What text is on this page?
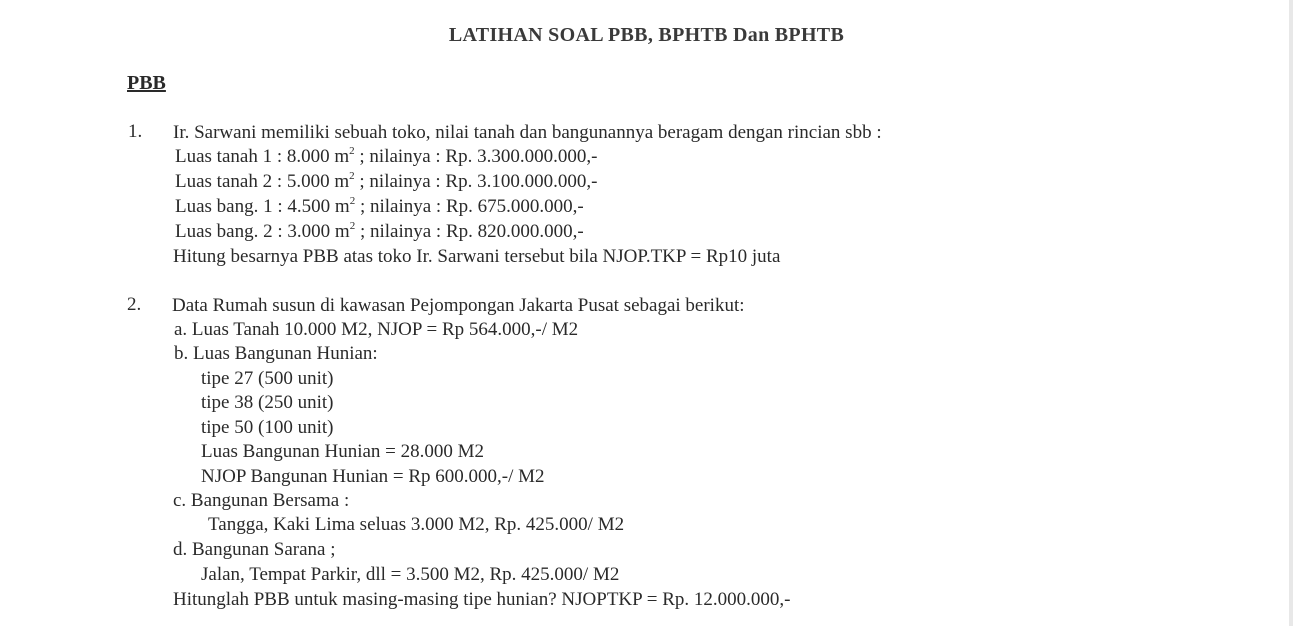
LATIHAN SOAL PBB, BPHTB Dan BPHTB
PBB
1. Ir. Sarwani memiliki sebuah toko, nilai tanah dan bangunannya beragam dengan rincian sbb :
Luas tanah 1 : 8.000 $m^2$ ; nilainya : Rp. 3.300.000.000,-
Luas tanah 2 : 5.000 $m^2$ ; nilainya : Rp. 3.100.000.000,-
Luas bang. 1 : 4.500 $m^2$ ; nilainya : Rp. 675.000.000,-
Luas bang. 2 : 3.000 $m^2$ ; nilainya : Rp. 820.000.000,-
Hitung besarnya PBB atas toko Ir. Sarwani tersebut bila NJOP.TKP = Rp10 juta
2. Data Rumah susun di kawasan Pejompongan Jakarta Pusat sebagai berikut:
a. Luas Tanah 10.000 M2, NJOP = Rp 564.000,-/ M2
b. Luas Bangunan Hunian:
tipe 27 (500 unit)
tipe 38 (250 unit)
tipe 50 (100 unit)
Luas Bangunan Hunian = 28.000 M2
NJOP Bangunan Hunian = Rp 600.000,-/ M2
c. Bangunan Bersama :
Tangga, Kaki Lima seluas 3.000 M2, Rp. 425.000/ M2
d. Bangunan Sarana ;
Jalan, Tempat Parkir, dll = 3.500 M2, Rp. 425.000/ M2
Hitunglah PBB untuk masing-masing tipe hunian? NJOPTKP = Rp. 12.000.000,-
